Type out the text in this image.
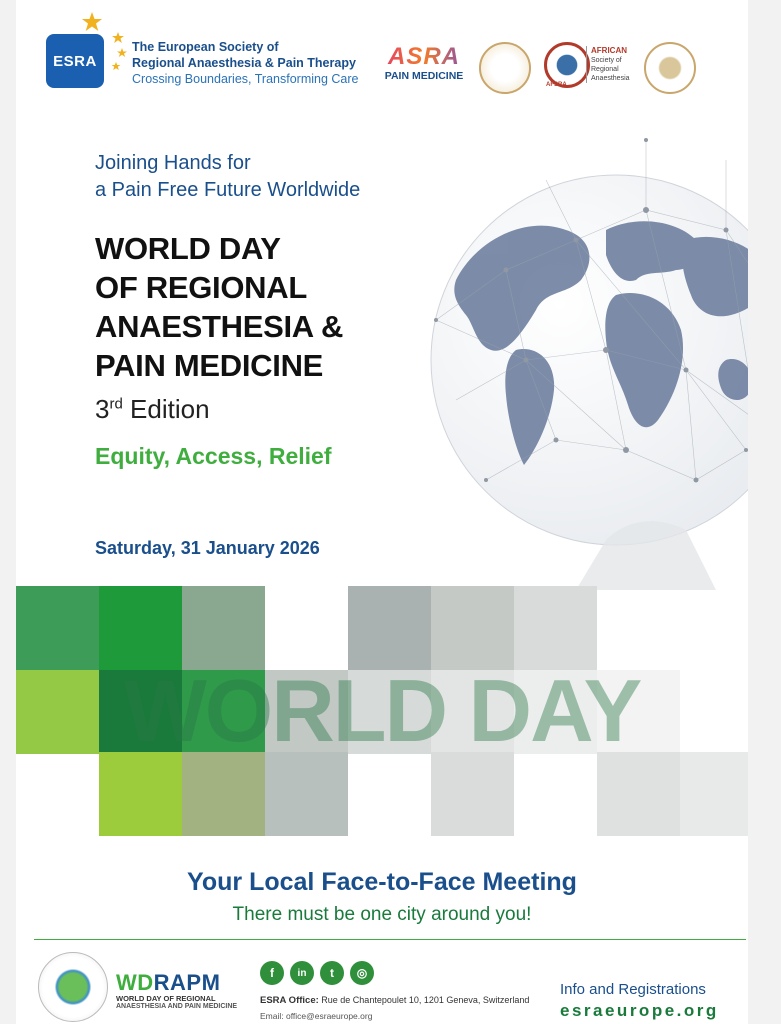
ESRA
The European Society of
Regional Anaesthesia & Pain Therapy
Crossing Boundaries, Transforming Care
ASRA
PAIN MEDICINE
AFSRA
AFRICAN
Society of
Regional
Anaesthesia
Joining Hands for
a Pain Free Future Worldwide
WORLD DAY
OF REGIONAL
ANAESTHESIA &
PAIN MEDICINE
3rd Edition
Equity, Access, Relief
Saturday, 31 January 2026
WORLD DAY
Your Local Face-to-Face Meeting
There must be one city around you!
WDRAPM
WORLD DAY OF REGIONAL
ANAESTHESIA AND PAIN MEDICINE
f	in	t	◎
ESRA Office: Rue de Chantepoulet 10, 1201 Geneva, Switzerland
Email: office@esraeurope.org
Info and Registrations
esraeurope.org
